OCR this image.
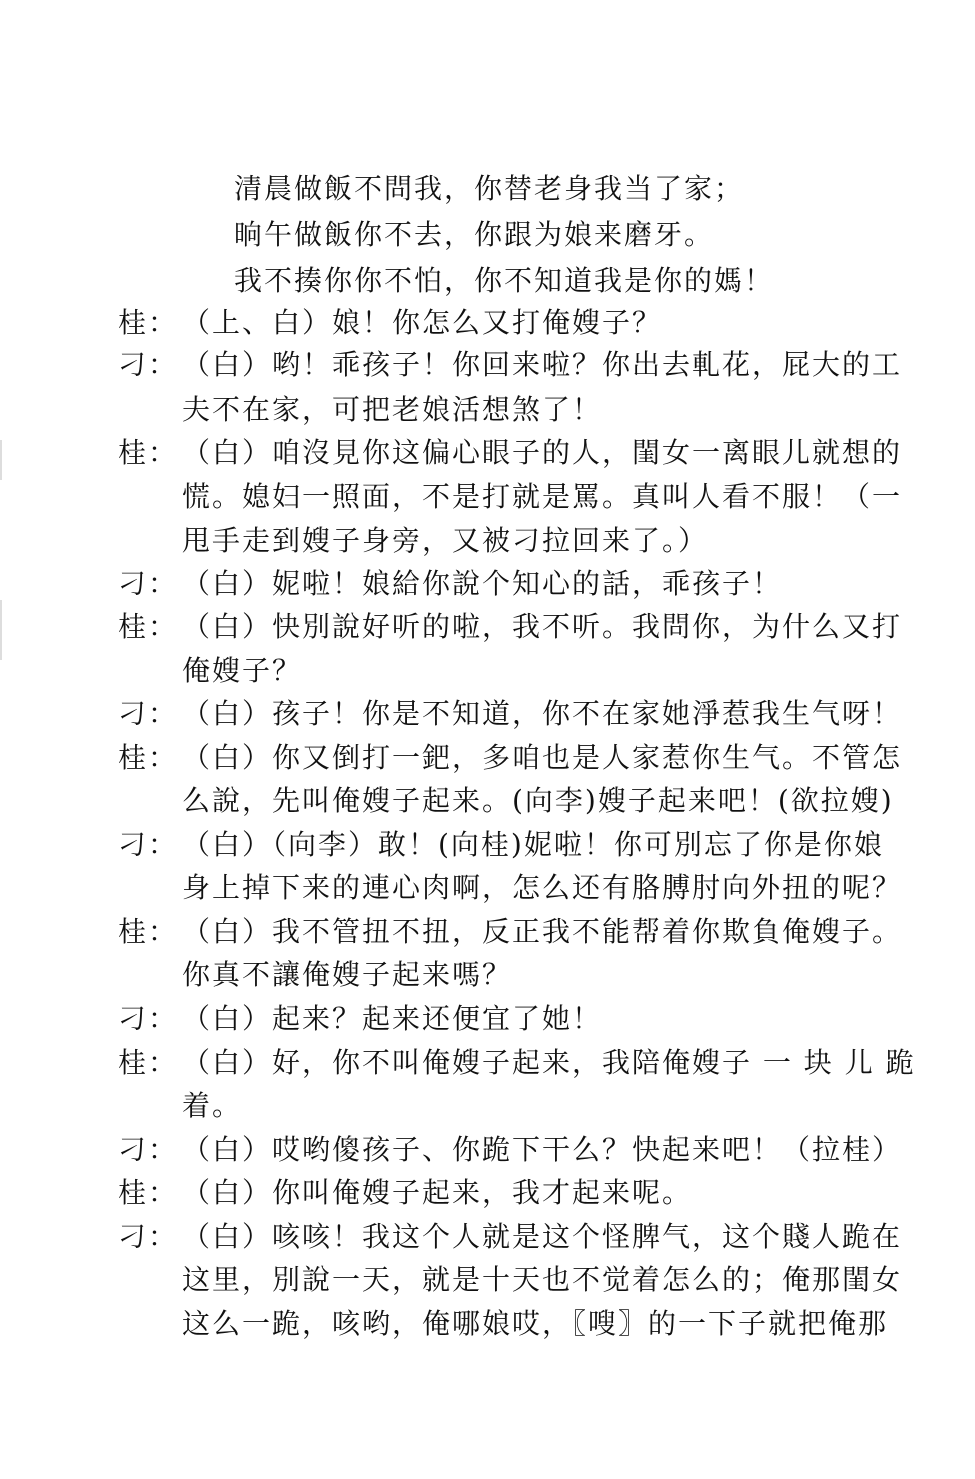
清晨做飯不問我，你替老身我当了家；
晌午做飯你不去，你跟为娘来磨牙。
我不揍你你不怕，你不知道我是你的媽！
桂： （上、白）娘！你怎么又打俺嫂子？
刁： （白）哟！乖孩子！你回来啦？你出去軋花，屁大的工
夫不在家，可把老娘活想煞了！
桂： （白）咱沒見你这偏心眼子的人，閨女一离眼儿就想的
慌。媳妇一照面，不是打就是罵。真叫人看不服！（一
甩手走到嫂子身旁，又被刁拉回来了。）
刁： （白）妮啦！娘給你說个知心的話，乖孩子！
桂： （白）快別說好听的啦，我不听。我問你，为什么又打
俺嫂子？
刁： （白）孩子！你是不知道，你不在家她淨惹我生气呀！
桂： （白）你又倒打一鈀，多咱也是人家惹你生气。不管怎
么說，先叫俺嫂子起来。(向李)嫂子起来吧！(欲拉嫂)
刁： （白）（向李）敢！(向桂)妮啦！你可別忘了你是你娘
身上掉下来的連心肉啊，怎么还有胳膊肘向外扭的呢？
桂： （白）我不管扭不扭，反正我不能帮着你欺負俺嫂子。
你真不讓俺嫂子起来嗎？
刁： （白）起来？起来还便宜了她！
桂： （白）好，你不叫俺嫂子起来，我陪俺嫂子 一 块 儿 跪
着。
刁： （白）哎哟傻孩子、你跪下干么？快起来吧！（拉桂）
桂： （白）你叫俺嫂子起来，我才起来呢。
刁： （白）咳咳！我这个人就是这个怪脾气，这个賤人跪在
这里，別說一天，就是十天也不觉着怎么的；俺那閨女
这么一跪，咳哟，俺哪娘哎，〖嗖〗的一下子就把俺那
